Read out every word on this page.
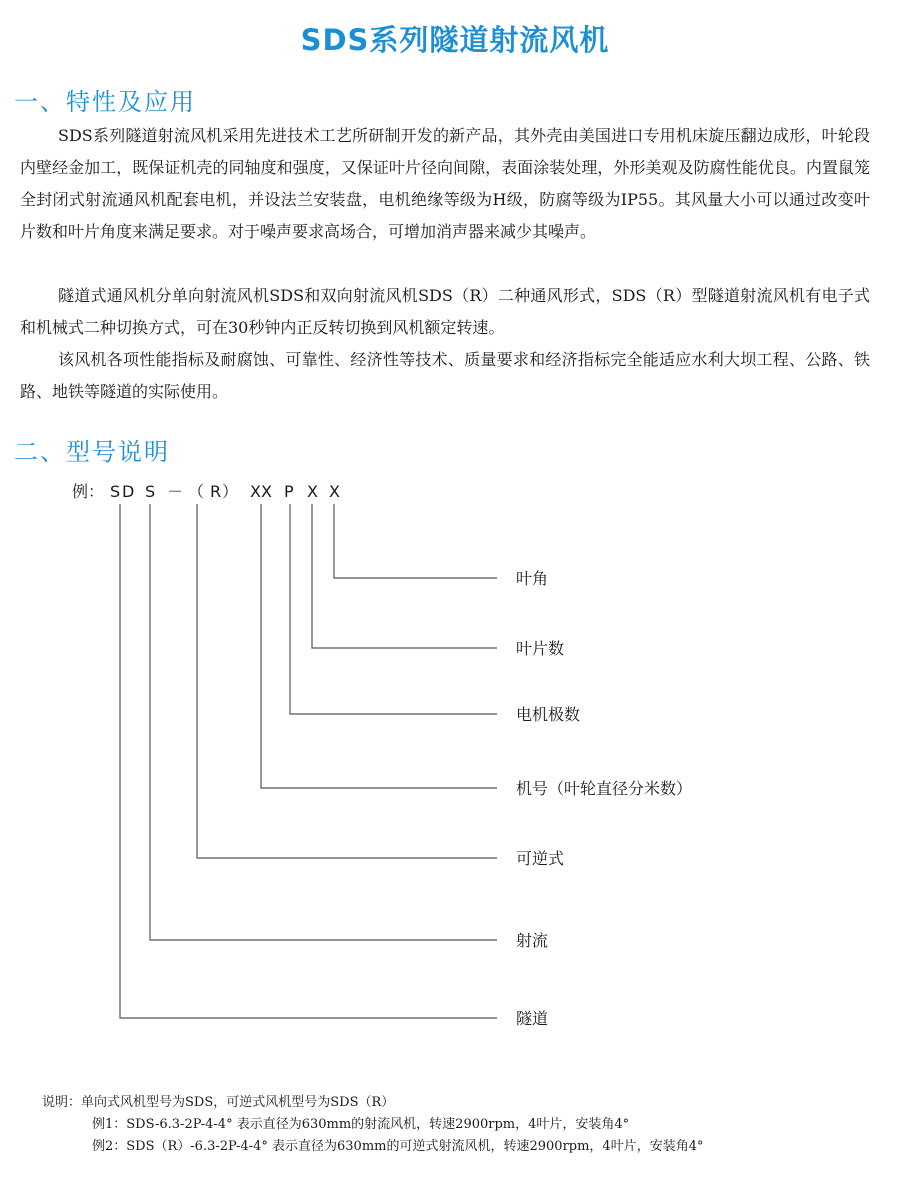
SDS系列隧道射流风机
一、特性及应用

SDS系列隧道射流风机采用先进技术工艺所研制开发的新产品，其外壳由美国进口专用机床旋压翻边成形，叶轮段内壁经金加工，既保证机壳的同轴度和强度，又保证叶片径向间隙，表面涂装处理，外形美观及防腐性能优良。内置鼠笼全封闭式射流通风机配套电机，并设法兰安装盘，电机绝缘等级为H级，防腐等级为IP55。其风量大小可以通过改变叶片数和叶片角度来满足要求。对于噪声要求高场合，可增加消声器来减少其噪声。

隧道式通风机分单向射流风机SDS和双向射流风机SDS（R）二种通风形式，SDS（R）型隧道射流风机有电子式和机械式二种切换方式，可在30秒钟内正反转切换到风机额定转速。

该风机各项性能指标及耐腐蚀、可靠性、经济性等技术、质量要求和经济指标完全能适应水利大坝工程、公路、铁路、地铁等隧道的实际使用。

二、型号说明
例： S D S － （ R ） X X P X X
叶角
叶片数
电机极数
机号（叶轮直径分米数）
可逆式
射流
隧道
说明：单向式风机型号为SDS，可逆式风机型号为SDS（R）
例1：SDS-6.3-2P-4-4° 表示直径为630mm的射流风机，转速2900rpm，4叶片，安装角4°
例2：SDS（R）-6.3-2P-4-4° 表示直径为630mm的可逆式射流风机，转速2900rpm，4叶片，安装角4°
